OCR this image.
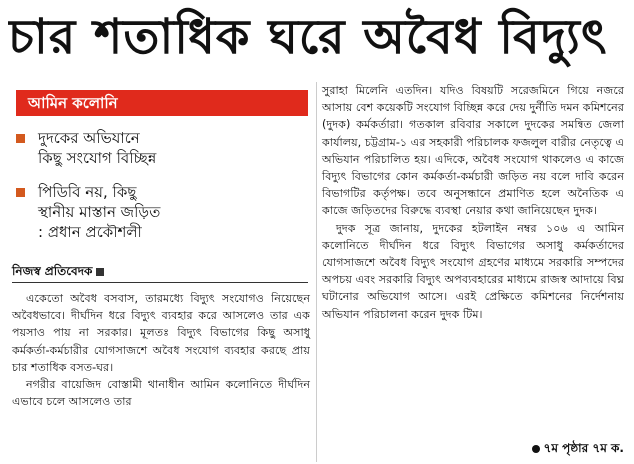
চার শতাধিক ঘরে অবৈধ বিদ্যুৎ
আমিন কলোনি
দুদকের অভিযানে
কিছু সংযোগ বিচ্ছিন্ন
পিডিবি নয়, কিছু
স্থানীয় মাস্তান জড়িত
: প্রধান প্রকৌশলী
নিজস্ব প্রতিবেদক

একেতো অবৈধ বসবাস, তারমধ্যে বিদ্যুৎ সংযোগও নিয়েছেন অবৈধভাবে। দীর্ঘদিন ধরে বিদ্যুৎ ব্যবহার করে আসলেও তার এক পয়সাও পায় না সরকার। মূলতঃ বিদ্যুৎ বিভাগের কিছু অসাধু কর্মকর্তা-কর্মচারীর যোগসাজশে অবৈধ সংযোগ ব্যবহার করছে প্রায় চার শতাধিক বসত-ঘর।

নগরীর বায়েজিদ বোস্তামী থানাধীন আমিন কলোনিতে দীর্ঘদিন এভাবে চলে আসলেও তার

সুরাহা মিলেনি এতদিন। যদিও বিষয়টি সরেজমিনে গিয়ে নজরে আসায় বেশ কয়েকটি সংযোগ বিচ্ছিন্ন করে দেয় দুর্নীতি দমন কমিশনের (দুদক) কর্মকর্তারা। গতকাল রবিবার সকালে দুদকের সমন্বিত জেলা কার্যালয়, চট্টগ্রাম-১ এর সহকারী পরিচালক ফজলুল বারীর নেতৃত্বে এ অভিযান পরিচালিত হয়। এদিকে, অবৈধ সংযোগ থাকলেও এ কাজে বিদ্যুৎ বিভাগের কোন কর্মকর্তা-কর্মচারী জড়িত নয় বলে দাবি করেন বিভাগটির কর্তৃপক্ষ। তবে অনুসন্ধানে প্রমাণিত হলে অনৈতিক এ কাজে জড়িতদের বিরুদ্ধে ব্যবস্থা নেয়ার কথা জানিয়েছেন দুদক।

দুদক সূত্র জানায়, দুদকের হটলাইন নম্বর ১০৬ এ আমিন কলোনিতে দীর্ঘদিন ধরে বিদ্যুৎ বিভাগের অসাধু কর্মকর্তাদের যোগসাজশে অবৈধ বিদ্যুৎ সংযোগ গ্রহণের মাধ্যমে সরকারি সম্পদের অপচয় এবং সরকারি বিদ্যুৎ অপব্যবহারের মাধ্যমে রাজস্ব আদায়ে বিঘ্ন ঘটানোর অভিযোগ আসে। এরই প্রেক্ষিতে কমিশনের নির্দেশনায় অভিযান পরিচালনা করেন দুদক টিম।

৭ম পৃষ্ঠার ৭ম ক.
